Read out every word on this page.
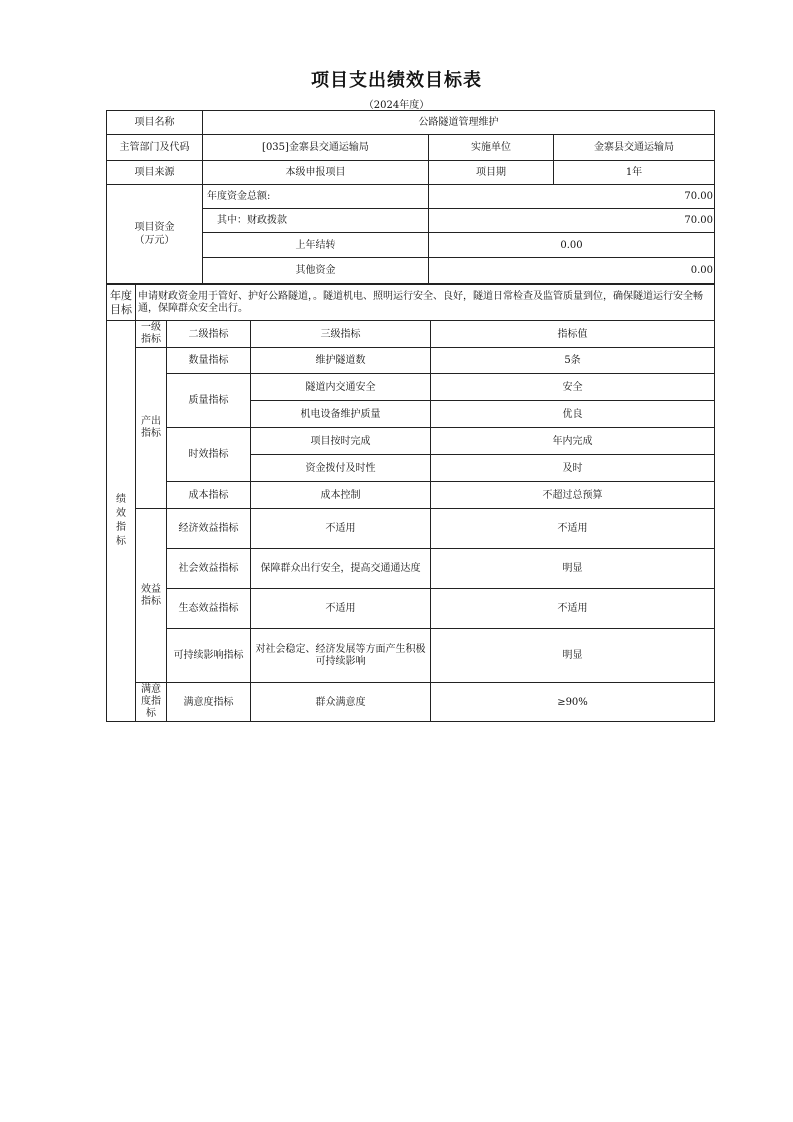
项目支出绩效目标表
（2024年度）
项目名称	公路隧道管理维护		
主管部门及代码	[035]金寨县交通运输局	实施单位	金寨县交通运输局
项目来源	本级申报项目	项目期	1年

项目资金
（万元）	年度资金总额:	70.00	
	其中：财政拨款	70.00	
	上年结转	0.00	
	其他资金	0.00	
年度目标	申请财政资金用于管好、护好公路隧道，。隧道机电、照明运行安全、良好，隧道日常检查及监管质量到位，确保隧道运行安全畅通，保障群众安全出行。
绩效指标	一级指标	二级指标	三级指标	指标值
	产出指标	数量指标	维护隧道数	5条
		质量指标	隧道内交通安全	安全
			机电设备维护质量	优良
		时效指标	项目按时完成	年内完成
			资金拨付及时性	及时
		成本指标	成本控制	不超过总预算
	效益指标	经济效益指标	不适用	不适用
		社会效益指标	保障群众出行安全，提高交通通达度	明显
		生态效益指标	不适用	不适用
		可持续影响指标	对社会稳定、经济发展等方面产生积极可持续影响	明显
	满意度指标	满意度指标	群众满意度	≥90%
